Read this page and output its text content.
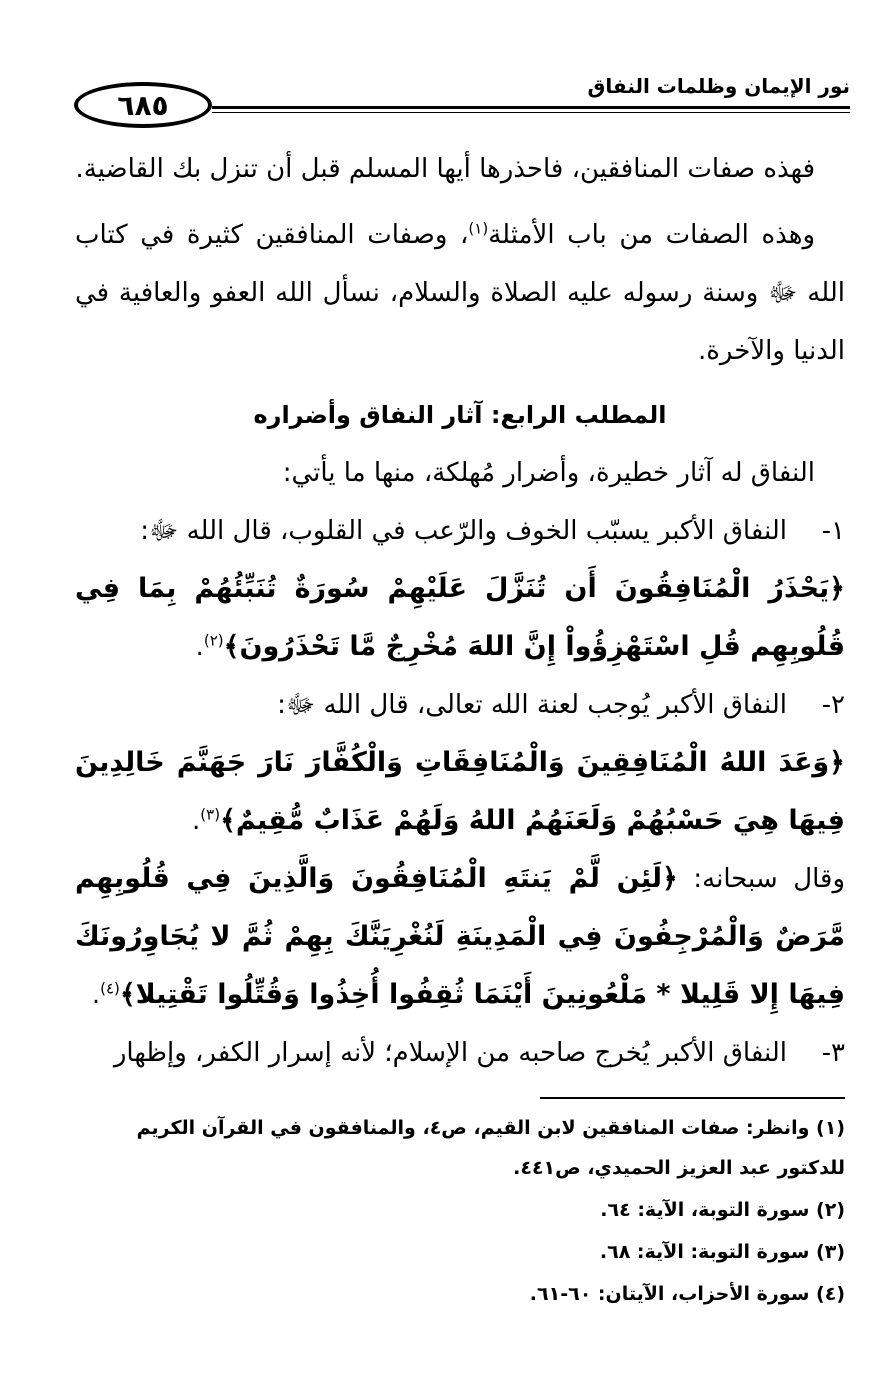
٦٨٥
نور الإيمان وظلمات النفاق

فهذه صفات المنافقين، فاحذرها أيها المسلم قبل أن تنزل بك القاضية.

وهذه الصفات من باب الأمثلة$^{(١)}$، وصفات المنافقين كثيرة في كتاب الله ﷻ وسنة رسوله عليه الصلاة والسلام، نسأل الله العفو والعافية في الدنيا والآخرة.

المطلب الرابع: آثار النفاق وأضراره

النفاق له آثار خطيرة، وأضرار مُهلكة، منها ما يأتي:

١-
النفاق الأكبر يسبّب الخوف والرّعب في القلوب، قال الله ﷻ:

﴿يَحْذَرُ الْمُنَافِقُونَ أَن تُنَزَّلَ عَلَيْهِمْ سُورَةٌ تُنَبِّئُهُمْ بِمَا فِي قُلُوبِهِم قُلِ اسْتَهْزِؤُواْ إِنَّ اللهَ مُخْرِجٌ مَّا تَحْذَرُونَ﴾$^{(٢)}$.

٢-
النفاق الأكبر يُوجب لعنة الله تعالى، قال الله ﷻ:

﴿وَعَدَ اللهُ الْمُنَافِقِينَ وَالْمُنَافِقَاتِ وَالْكُفَّارَ نَارَ جَهَنَّمَ خَالِدِينَ فِيهَا هِيَ حَسْبُهُمْ وَلَعَنَهُمُ اللهُ وَلَهُمْ عَذَابٌ مُّقِيمٌ﴾$^{(٣)}$.

وقال سبحانه: ﴿لَئِن لَّمْ يَنتَهِ الْمُنَافِقُونَ وَالَّذِينَ فِي قُلُوبِهِم مَّرَضٌ وَالْمُرْجِفُونَ فِي الْمَدِينَةِ لَنُغْرِيَنَّكَ بِهِمْ ثُمَّ لا يُجَاوِرُونَكَ فِيهَا إِلا قَلِيلا * مَلْعُونِينَ أَيْنَمَا ثُقِفُوا أُخِذُوا وَقُتِّلُوا تَقْتِيلا﴾$^{(٤)}$.

٣-
النفاق الأكبر يُخرج صاحبه من الإسلام؛ لأنه إسرار الكفر، وإظهار

(١) وانظر: صفات المنافقين لابن القيم، ص٤، والمنافقون في القرآن الكريم للدكتور عبد العزيز الحميدي، ص٤٤١.

(٢) سورة التوبة، الآية: ٦٤.

(٣) سورة التوبة: الآية: ٦٨.

(٤) سورة الأحزاب، الآيتان: ٦٠-٦١.
